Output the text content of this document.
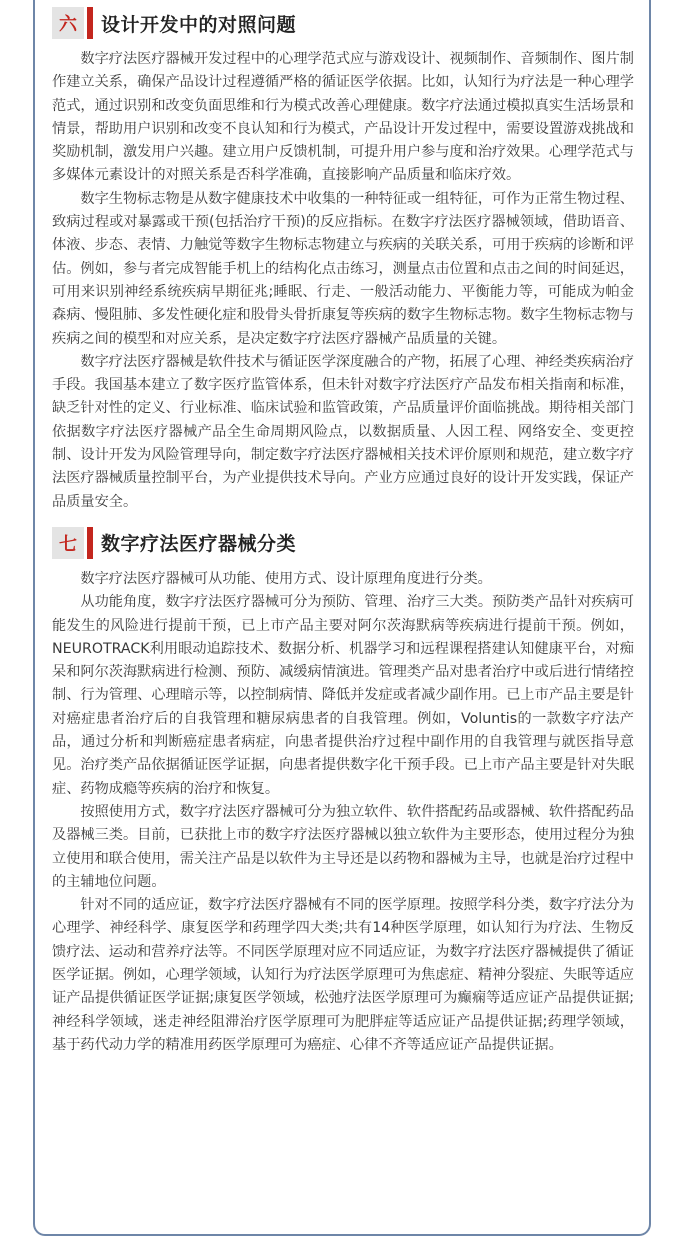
六	设计开发中的对照问题

数字疗法医疗器械开发过程中的心理学范式应与游戏设计、视频制作、音频制作、图片制作建立关系，确保产品设计过程遵循严格的循证医学依据。比如，认知行为疗法是一种心理学范式，通过识别和改变负面思维和行为模式改善心理健康。数字疗法通过模拟真实生活场景和情景，帮助用户识别和改变不良认知和行为模式，产品设计开发过程中，需要设置游戏挑战和奖励机制，激发用户兴趣。建立用户反馈机制，可提升用户参与度和治疗效果。心理学范式与多媒体元素设计的对照关系是否科学准确，直接影响产品质量和临床疗效。

数字生物标志物是从数字健康技术中收集的一种特征或一组特征，可作为正常生物过程、致病过程或对暴露或干预(包括治疗干预)的反应指标。在数字疗法医疗器械领域，借助语音、体液、步态、表情、力触觉等数字生物标志物建立与疾病的关联关系，可用于疾病的诊断和评估。例如，参与者完成智能手机上的结构化点击练习，测量点击位置和点击之间的时间延迟，可用来识别神经系统疾病早期征兆;睡眠、行走、一般活动能力、平衡能力等，可能成为帕金森病、慢阻肺、多发性硬化症和股骨头骨折康复等疾病的数字生物标志物。数字生物标志物与疾病之间的模型和对应关系，是决定数字疗法医疗器械产品质量的关键。

数字疗法医疗器械是软件技术与循证医学深度融合的产物，拓展了心理、神经类疾病治疗手段。我国基本建立了数字医疗监管体系，但未针对数字疗法医疗产品发布相关指南和标准，缺乏针对性的定义、行业标准、临床试验和监管政策，产品质量评价面临挑战。期待相关部门依据数字疗法医疗器械产品全生命周期风险点，以数据质量、人因工程、网络安全、变更控制、设计开发为风险管理导向，制定数字疗法医疗器械相关技术评价原则和规范，建立数字疗法医疗器械质量控制平台，为产业提供技术导向。产业方应通过良好的设计开发实践，保证产品质量安全。

七	数字疗法医疗器械分类

数字疗法医疗器械可从功能、使用方式、设计原理角度进行分类。

从功能角度，数字疗法医疗器械可分为预防、管理、治疗三大类。预防类产品针对疾病可能发生的风险进行提前干预，已上市产品主要对阿尔茨海默病等疾病进行提前干预。例如，NEUROTRACK利用眼动追踪技术、数据分析、机器学习和远程课程搭建认知健康平台，对痴呆和阿尔茨海默病进行检测、预防、减缓病情演进。管理类产品对患者治疗中或后进行情绪控制、行为管理、心理暗示等，以控制病情、降低并发症或者减少副作用。已上市产品主要是针对癌症患者治疗后的自我管理和糖尿病患者的自我管理。例如，Voluntis的一款数字疗法产品，通过分析和判断癌症患者病症，向患者提供治疗过程中副作用的自我管理与就医指导意见。治疗类产品依据循证医学证据，向患者提供数字化干预手段。已上市产品主要是针对失眠症、药物成瘾等疾病的治疗和恢复。

按照使用方式，数字疗法医疗器械可分为独立软件、软件搭配药品或器械、软件搭配药品及器械三类。目前，已获批上市的数字疗法医疗器械以独立软件为主要形态，使用过程分为独立使用和联合使用，需关注产品是以软件为主导还是以药物和器械为主导，也就是治疗过程中的主辅地位问题。

针对不同的适应证，数字疗法医疗器械有不同的医学原理。按照学科分类，数字疗法分为心理学、神经科学、康复医学和药理学四大类;共有14种医学原理，如认知行为疗法、生物反馈疗法、运动和营养疗法等。不同医学原理对应不同适应证，为数字疗法医疗器械提供了循证医学证据。例如，心理学领域，认知行为疗法医学原理可为焦虑症、精神分裂症、失眠等适应证产品提供循证医学证据;康复医学领域，松弛疗法医学原理可为癫痫等适应证产品提供证据;神经科学领域，迷走神经阻滞治疗医学原理可为肥胖症等适应证产品提供证据;药理学领域，基于药代动力学的精准用药医学原理可为癌症、心律不齐等适应证产品提供证据。
